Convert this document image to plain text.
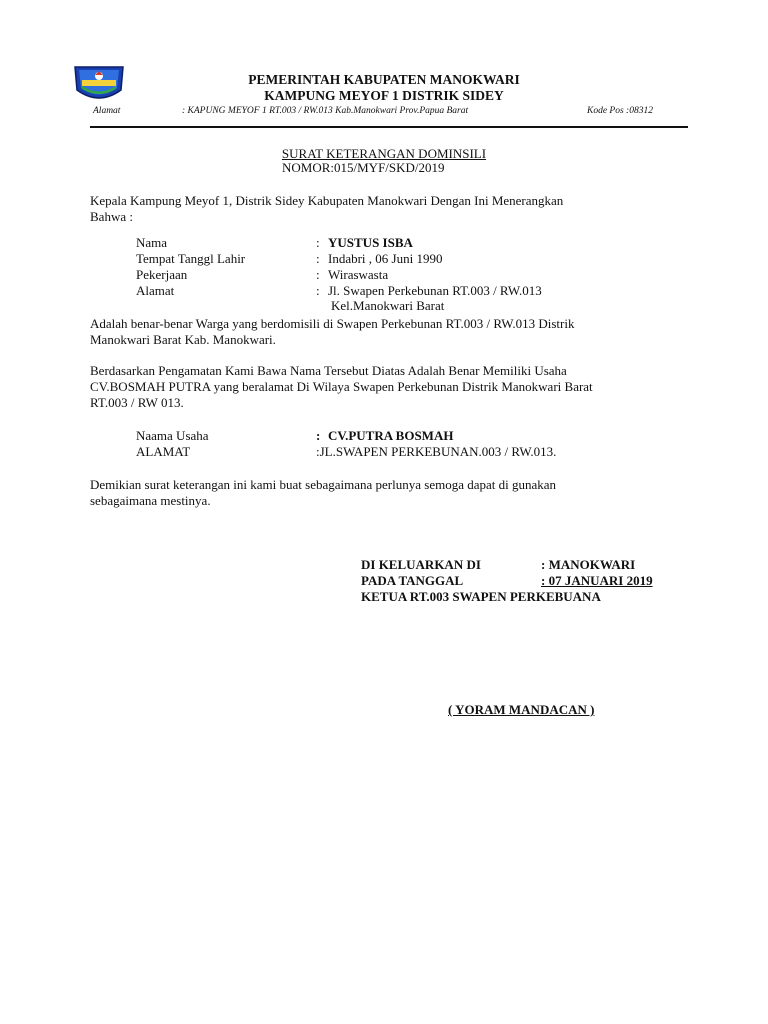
PEMERINTAH KABUPATEN MANOKWARI
KAMPUNG MEYOF 1 DISTRIK SIDEY
Alamat	: KAPUNG MEYOF 1 RT.003 / RW.013 Kab.Manokwari Prov.Papua Barat	Kode Pos :08312
SURAT KETERANGAN DOMINSILI
NOMOR:015/MYF/SKD/2019
Kepala Kampung Meyof 1, Distrik Sidey Kabupaten Manokwari Dengan Ini Menerangkan
Bahwa :
Nama	: YUSTUS ISBA
Tempat Tanggl Lahir	: Indabri , 06 Juni 1990
Pekerjaan	: Wiraswasta
Alamat	: Jl. Swapen Perkebunan RT.003 / RW.013
Kel.Manokwari Barat
Adalah benar-benar Warga yang berdomisili di Swapen Perkebunan RT.003 / RW.013 Distrik
Manokwari Barat Kab. Manokwari.
Berdasarkan Pengamatan Kami Bawa Nama Tersebut Diatas Adalah Benar Memiliki Usaha
CV.BOSMAH PUTRA yang beralamat Di Wilaya Swapen Perkebunan Distrik Manokwari Barat
RT.003 / RW 013.
Naama Usaha	: CV.PUTRA BOSMAH
ALAMAT	:JL.SWAPEN PERKEBUNAN.003 / RW.013.
Demikian surat keterangan ini kami buat sebagaimana perlunya semoga dapat di gunakan
sebagaimana mestinya.
DI KELUARKAN DI	: MANOKWARI
PADA TANGGAL	: 07 JANUARI 2019
KETUA RT.003 SWAPEN PERKEBUANA
( YORAM MANDACAN )
